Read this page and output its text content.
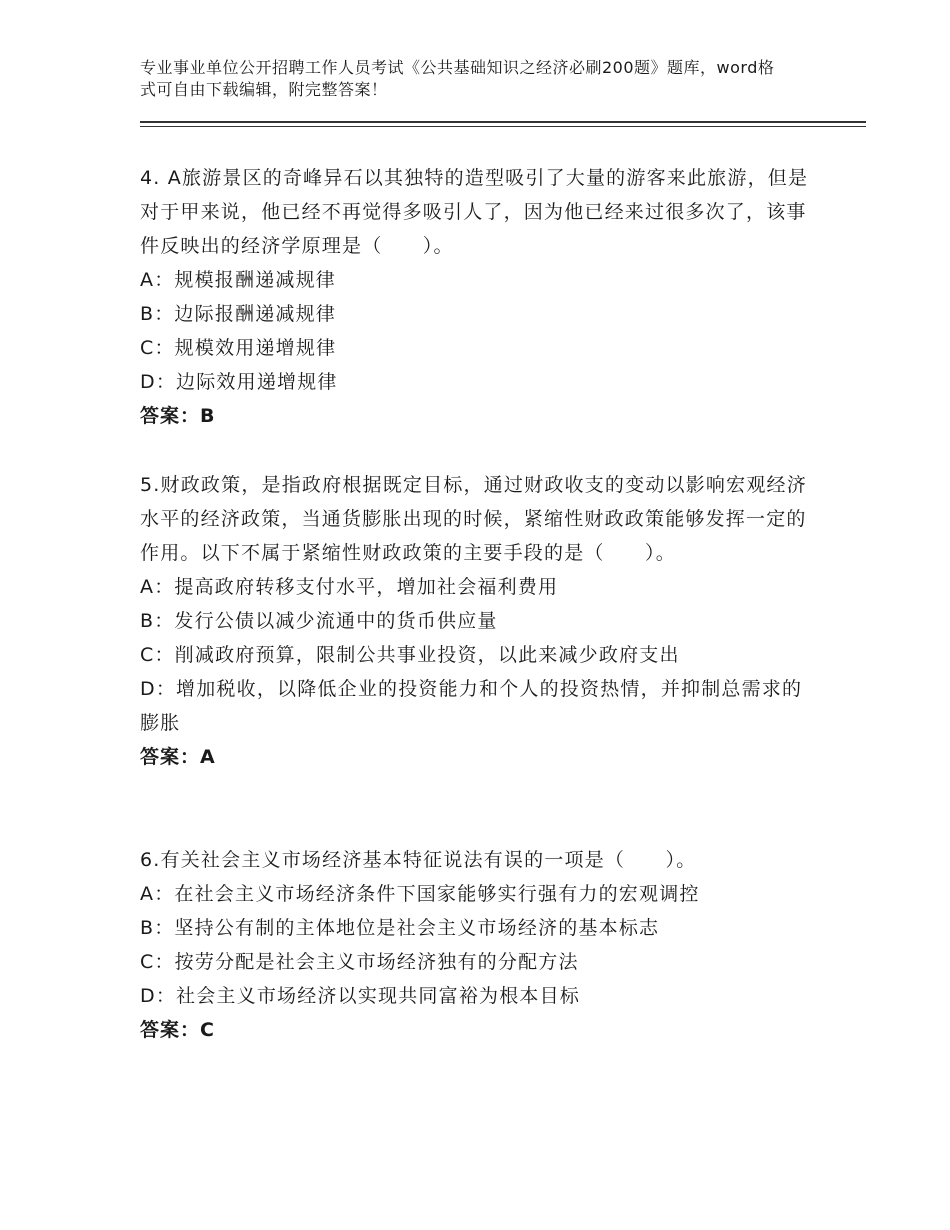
专业事业单位公开招聘工作人员考试《公共基础知识之经济必刷200题》题库，word格式可自由下载编辑，附完整答案！

4. A旅游景区的奇峰异石以其独特的造型吸引了大量的游客来此旅游，但是对于甲来说，他已经不再觉得多吸引人了，因为他已经来过很多次了，该事件反映出的经济学原理是（　　）。

A：规模报酬递减规律

B：边际报酬递减规律

C：规模效用递增规律

D：边际效用递增规律

答案：B

5.财政政策，是指政府根据既定目标，通过财政收支的变动以影响宏观经济水平的经济政策，当通货膨胀出现的时候，紧缩性财政政策能够发挥一定的作用。以下不属于紧缩性财政政策的主要手段的是（　　）。

A：提高政府转移支付水平，增加社会福利费用

B：发行公债以减少流通中的货币供应量

C：削减政府预算，限制公共事业投资，以此来减少政府支出

D：增加税收，以降低企业的投资能力和个人的投资热情，并抑制总需求的膨胀

答案：A

6.有关社会主义市场经济基本特征说法有误的一项是（　　）。

A：在社会主义市场经济条件下国家能够实行强有力的宏观调控

B：坚持公有制的主体地位是社会主义市场经济的基本标志

C：按劳分配是社会主义市场经济独有的分配方法

D：社会主义市场经济以实现共同富裕为根本目标

答案：C
